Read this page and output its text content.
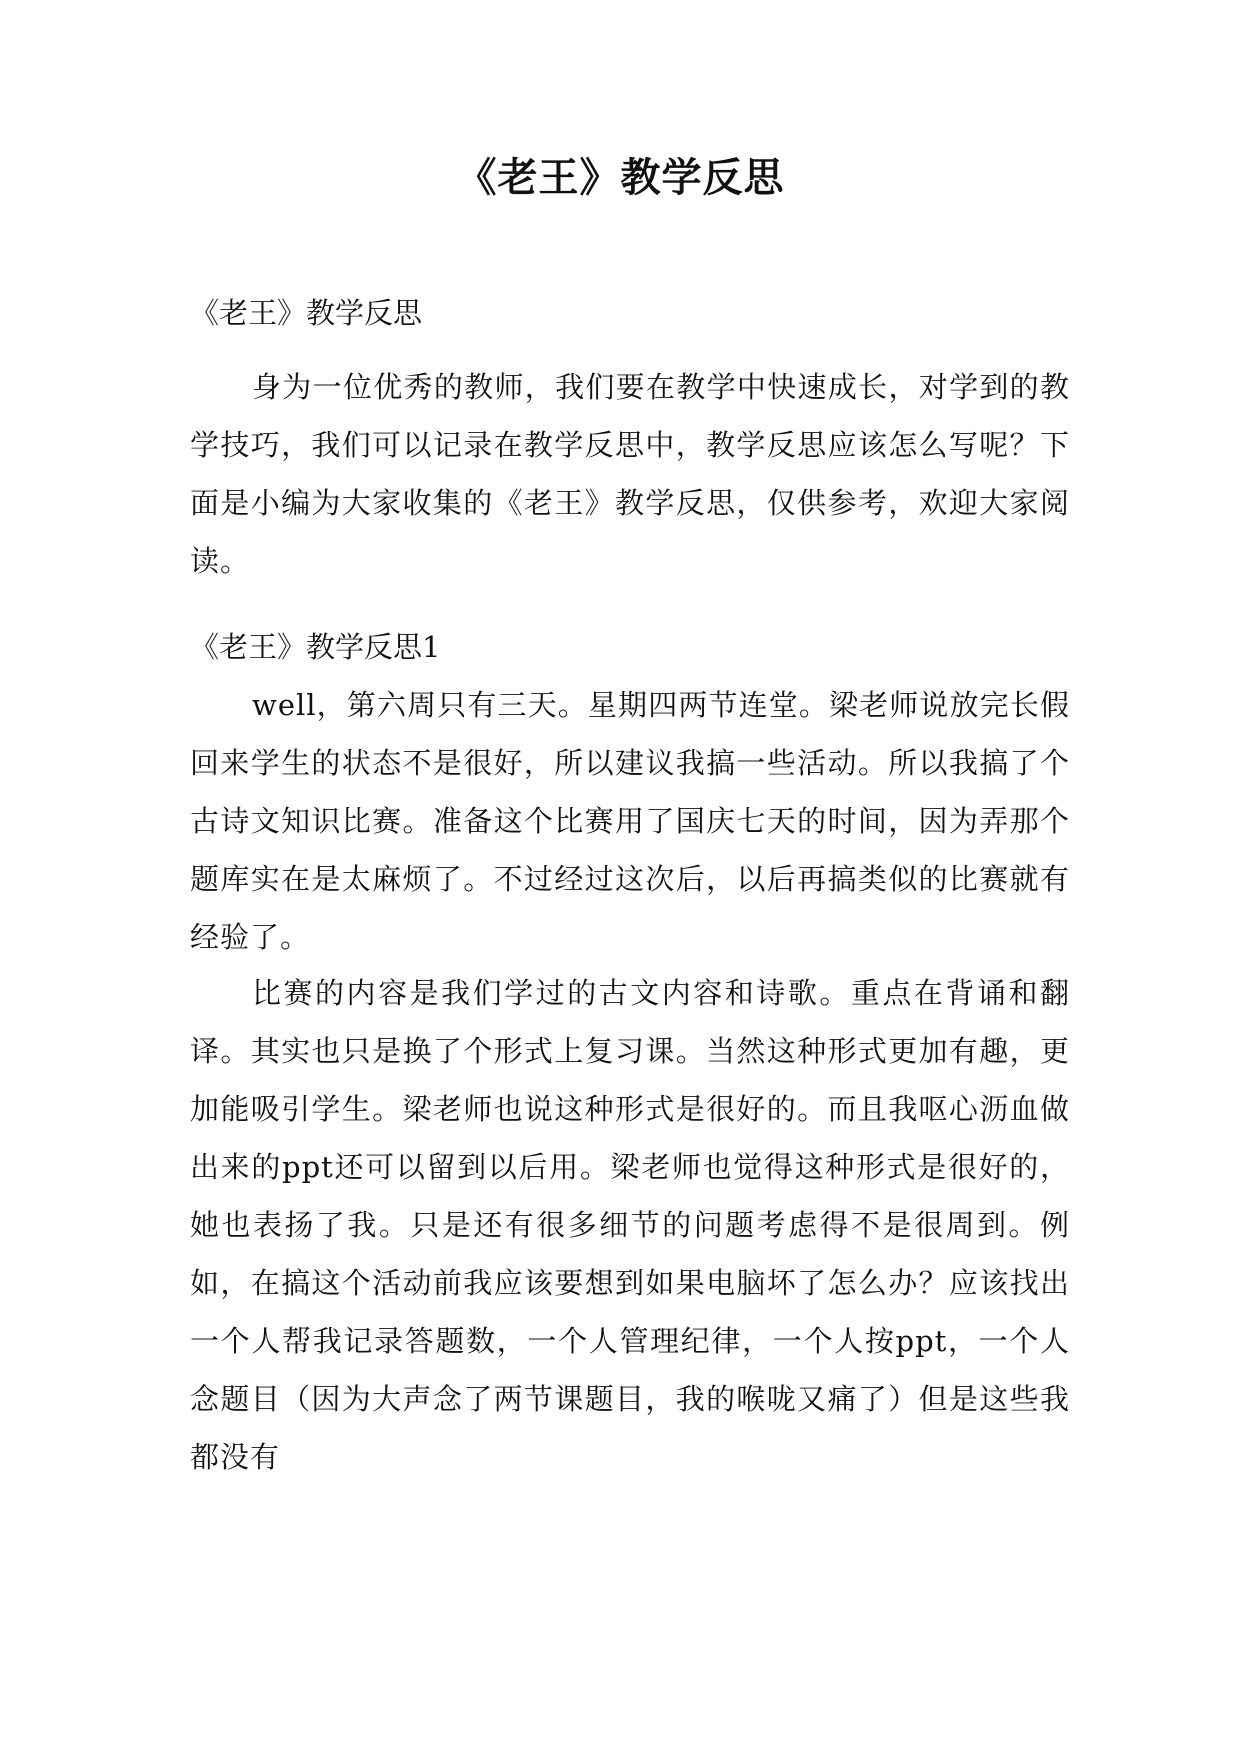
《老王》教学反思

《老王》教学反思

身为一位优秀的教师，我们要在教学中快速成长，对学到的教学技巧，我们可以记录在教学反思中，教学反思应该怎么写呢？下面是小编为大家收集的《老王》教学反思，仅供参考，欢迎大家阅读。

《老王》教学反思1

well，第六周只有三天。星期四两节连堂。梁老师说放完长假回来学生的状态不是很好，所以建议我搞一些活动。所以我搞了个古诗文知识比赛。准备这个比赛用了国庆七天的时间，因为弄那个题库实在是太麻烦了。不过经过这次后，以后再搞类似的比赛就有经验了。

比赛的内容是我们学过的古文内容和诗歌。重点在背诵和翻译。其实也只是换了个形式上复习课。当然这种形式更加有趣，更加能吸引学生。梁老师也说这种形式是很好的。而且我呕心沥血做出来的ppt还可以留到以后用。梁老师也觉得这种形式是很好的，她也表扬了我。只是还有很多细节的问题考虑得不是很周到。例如，在搞这个活动前我应该要想到如果电脑坏了怎么办？应该找出一个人帮我记录答题数，一个人管理纪律，一个人按ppt，一个人念题目（因为大声念了两节课题目，我的喉咙又痛了）但是这些我都没有
